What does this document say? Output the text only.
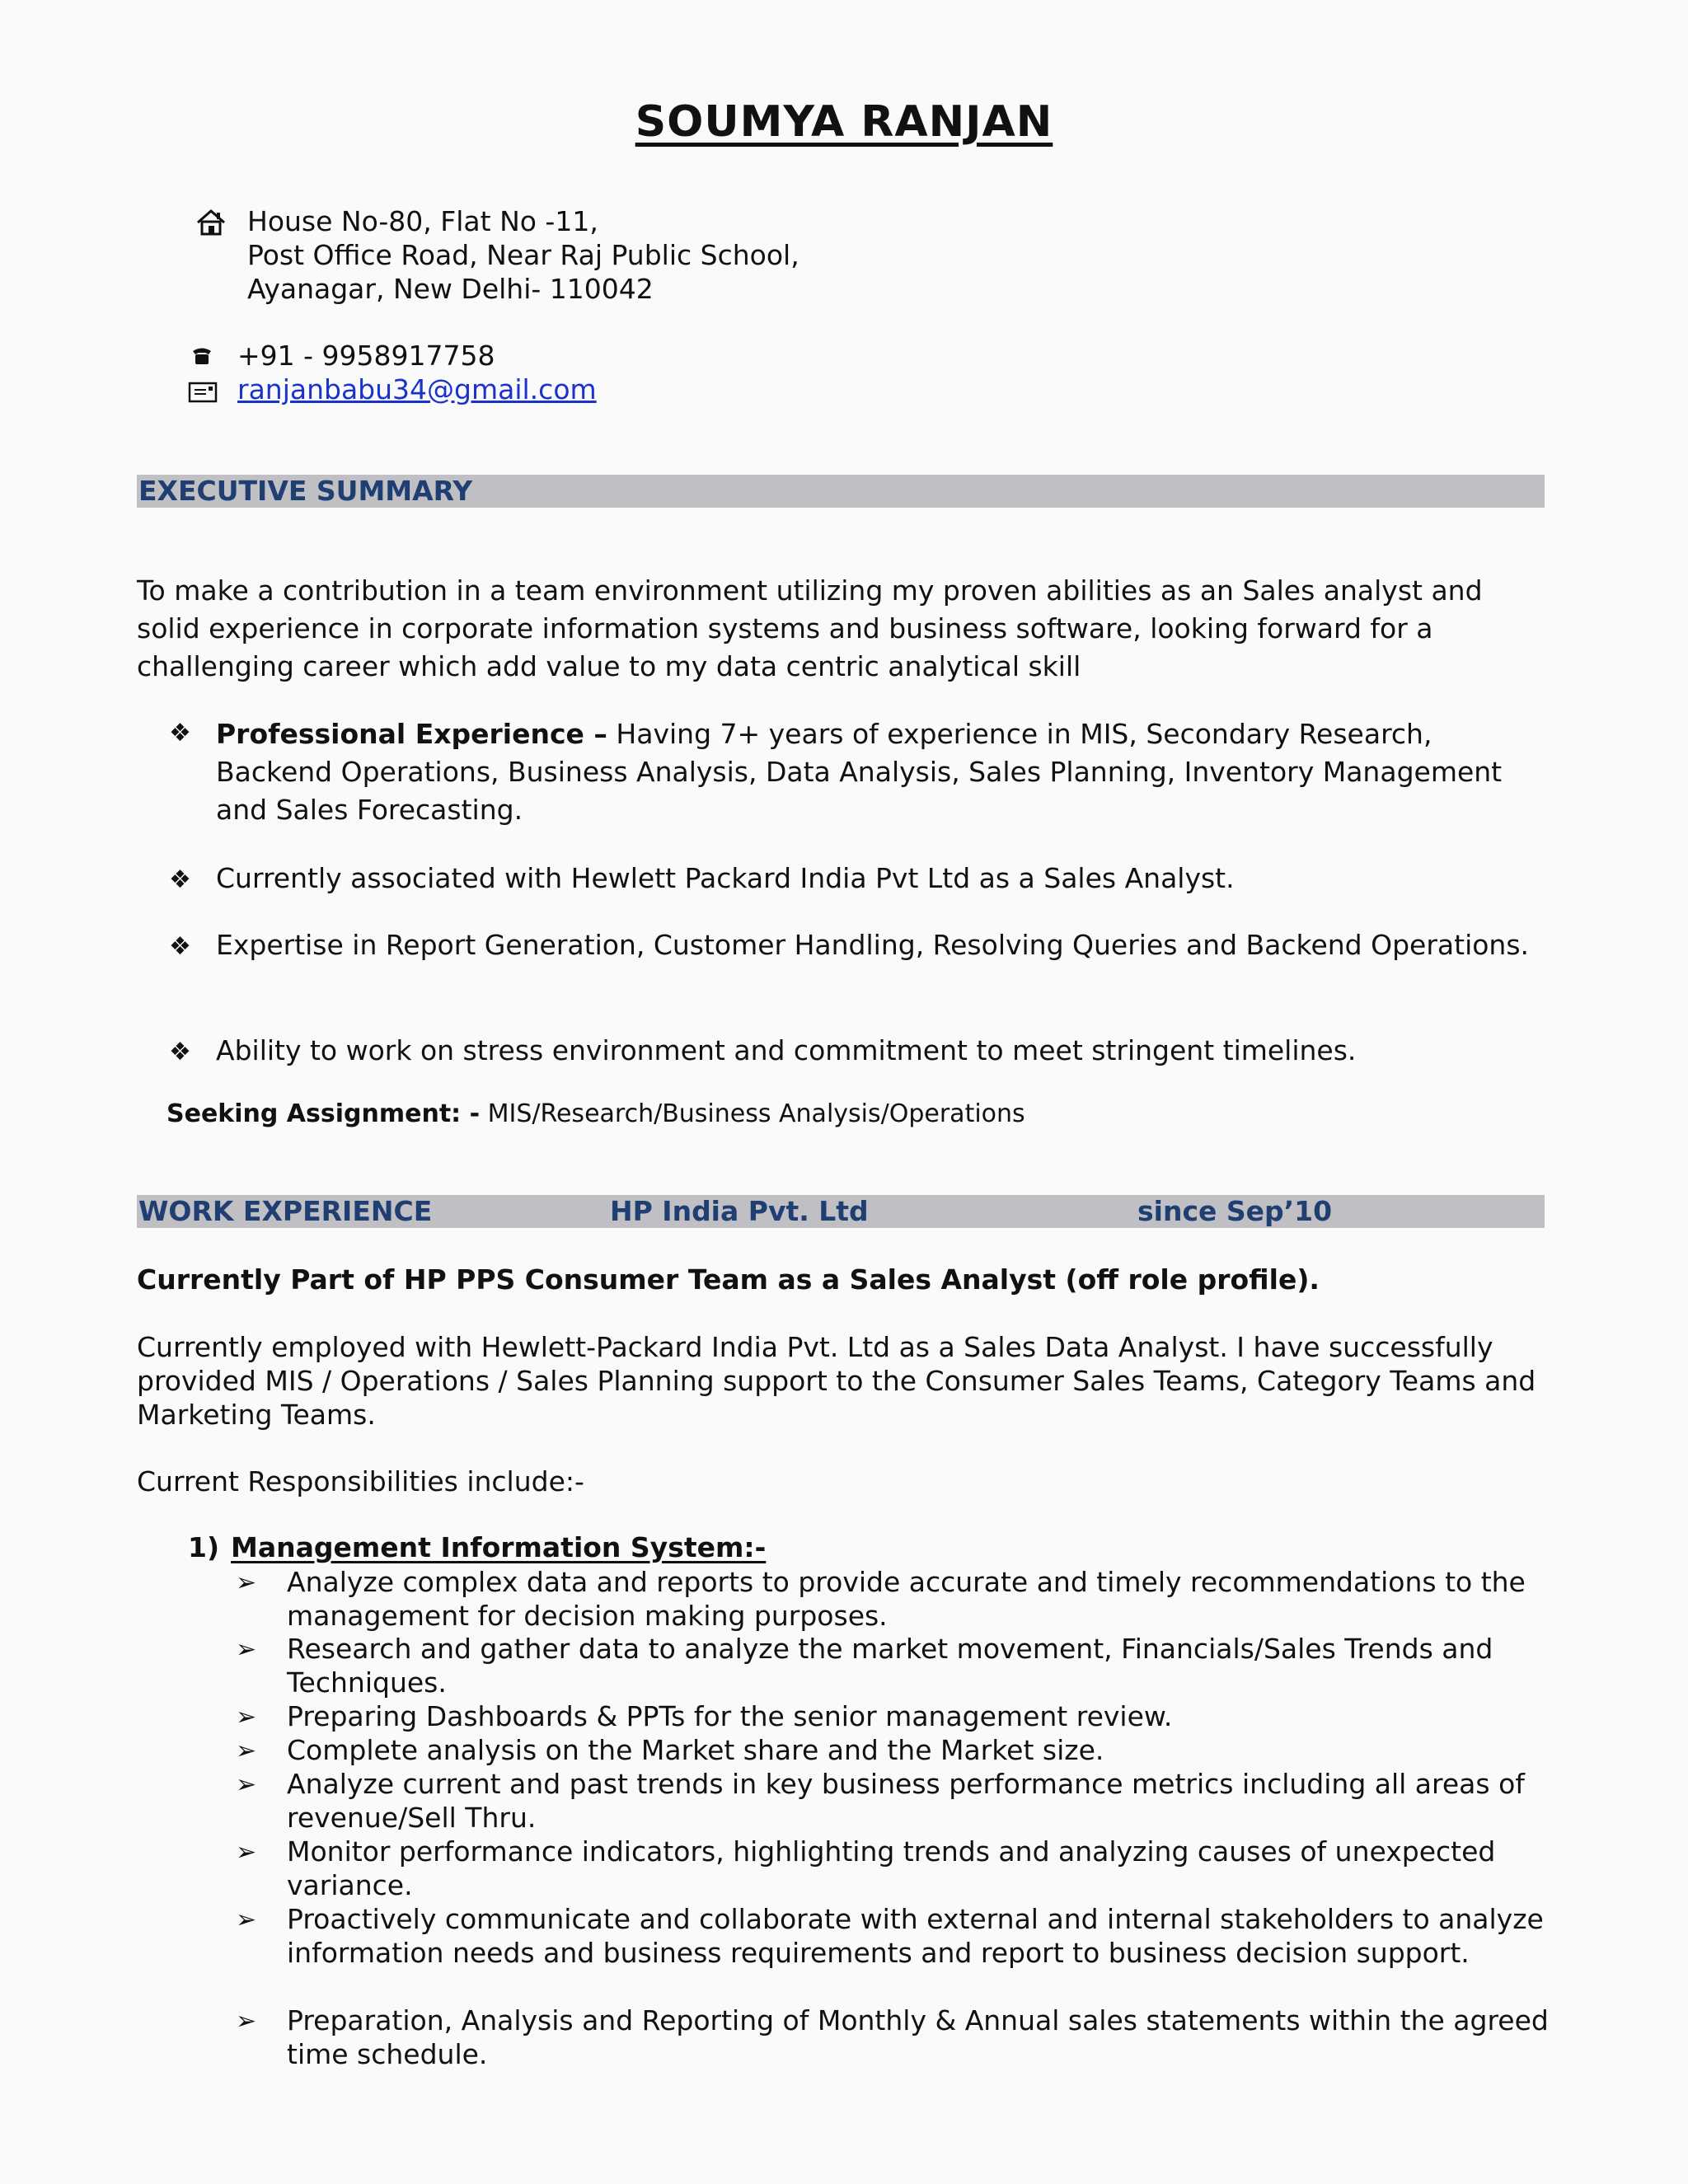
SOUMYA RANJAN
House No-80, Flat No -11,
Post Office Road, Near Raj Public School,
Ayanagar, New Delhi- 110042
+91 - 9958917758
ranjanbabu34@gmail.com
EXECUTIVE SUMMARY
To make a contribution in a team environment utilizing my proven abilities as an Sales analyst and solid experience in corporate information systems and business software, looking forward for a challenging career which add value to my data centric analytical skill
❖ Professional Experience – Having 7+ years of experience in MIS, Secondary Research, Backend Operations, Business Analysis, Data Analysis, Sales Planning, Inventory Management and Sales Forecasting.
❖ Currently associated with Hewlett Packard India Pvt Ltd as a Sales Analyst.
❖ Expertise in Report Generation, Customer Handling, Resolving Queries and Backend Operations.
❖ Ability to work on stress environment and commitment to meet stringent timelines.
Seeking Assignment: - MIS/Research/Business Analysis/Operations
WORK EXPERIENCE	HP India Pvt. Ltd	since Sep’10
Currently Part of HP PPS Consumer Team as a Sales Analyst (off role profile).
Currently employed with Hewlett-Packard India Pvt. Ltd as a Sales Data Analyst. I have successfully provided MIS / Operations / Sales Planning support to the Consumer Sales Teams, Category Teams and Marketing Teams.
Current Responsibilities include:-
1) Management Information System:-
➢ Analyze complex data and reports to provide accurate and timely recommendations to the management for decision making purposes.
➢ Research and gather data to analyze the market movement, Financials/Sales Trends and Techniques.
➢ Preparing Dashboards & PPTs for the senior management review.
➢ Complete analysis on the Market share and the Market size.
➢ Analyze current and past trends in key business performance metrics including all areas of revenue/Sell Thru.
➢ Monitor performance indicators, highlighting trends and analyzing causes of unexpected variance.
➢ Proactively communicate and collaborate with external and internal stakeholders to analyze information needs and business requirements and report to business decision support.
➢ Preparation, Analysis and Reporting of Monthly & Annual sales statements within the agreed time schedule.
